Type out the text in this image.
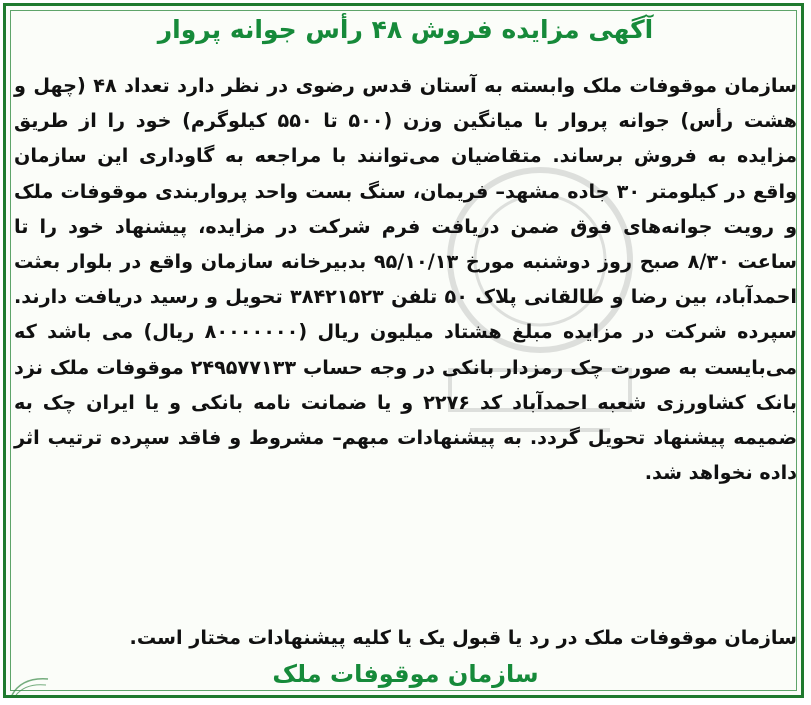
آگهی مزایده فروش ۴۸ رأس جوانه پروار
سازمان موقوفات ملک وابسته به آستان قدس رضوی در نظر دارد تعداد ۴۸ (چهل و هشت رأس) جوانه پروار با میانگین وزن (۵۰۰ تا ۵۵۰ کیلوگرم) خود را از طریق مزایده به فروش برساند. متقاضیان می‌توانند با مراجعه به گاوداری این سازمان واقع در کیلومتر ۳۰ جاده مشهد– فریمان، سنگ بست واحد پرواربندی موقوفات ملک و رویت جوانه‌های فوق ضمن دریافت فرم شرکت در مزایده، پیشنهاد خود را تا ساعت ۸/۳۰ صبح روز دوشنبه مورخ ۹۵/۱۰/۱۳ بدبیرخانه سازمان واقع در بلوار بعثت احمدآباد، بین رضا و طالقانی پلاک ۵۰ تلفن ۳۸۴۲۱۵۲۳ تحویل و رسید دریافت دارند. سپرده شرکت در مزایده مبلغ هشتاد میلیون ریال (۸۰۰۰۰۰۰۰ ریال) می باشد که می‌بایست به صورت چک رمزدار بانکی در وجه حساب ۲۴۹۵۷۷۱۳۳ موقوفات ملک نزد بانک کشاورزی شعبه احمدآباد کد ۲۲۷۶ و یا ضمانت نامه بانکی و یا ایران چک به ضمیمه پیشنهاد تحویل گردد. به پیشنهادات مبهم– مشروط و فاقد سپرده ترتیب اثر داده نخواهد شد.
سازمان موقوفات ملک در رد یا قبول یک یا کلیه پیشنهادات مختار است.
سازمان موقوفات ملک
